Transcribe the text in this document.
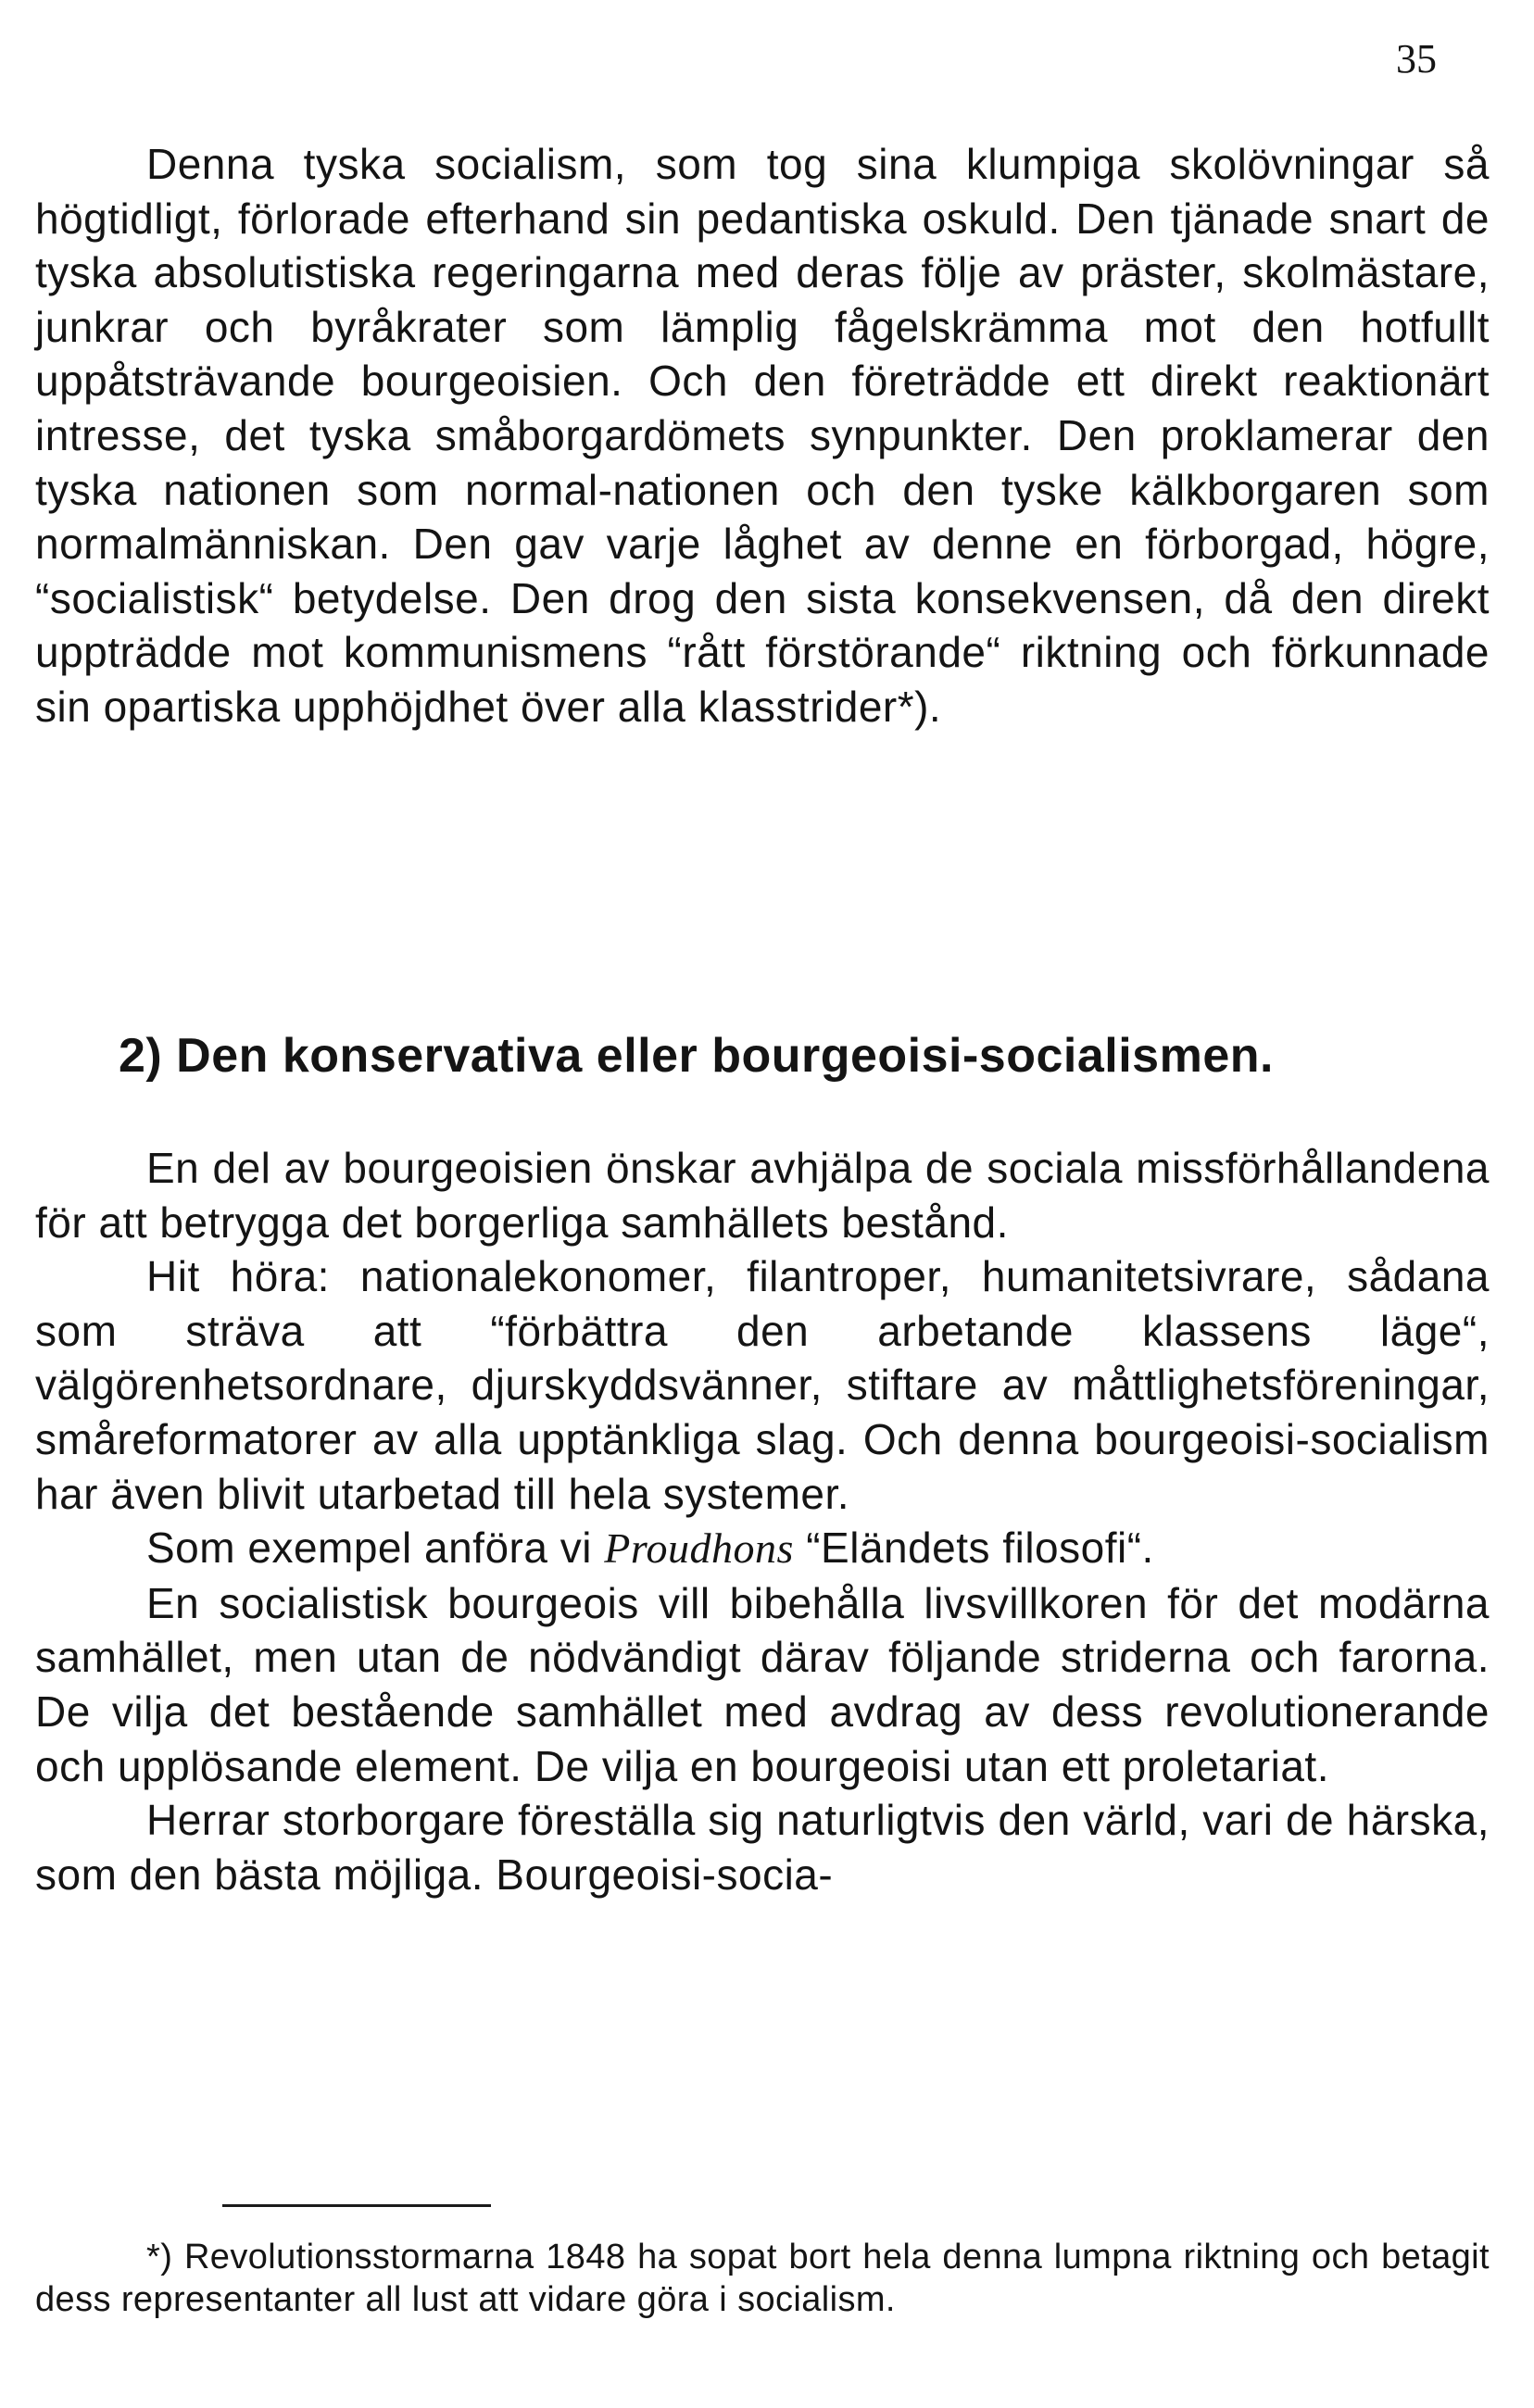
35

Denna tyska socialism, som tog sina klumpiga skolövningar så högtidligt, förlorade efterhand sin pedantiska oskuld. Den tjänade snart de tyska absolutistiska regeringarna med deras följe av präster, skolmästare, junkrar och byråkrater som lämplig fågelskrämma mot den hotfullt uppåtsträvande bourgeoisien. Och den företrädde ett direkt reaktionärt intresse, det tyska småborgardömets synpunkter. Den proklamerar den tyska nationen som normal-nationen och den tyske kälkborgaren som normalmänniskan. Den gav varje låghet av denne en förborgad, högre, “socialistisk“ betydelse. Den drog den sista konsekvensen, då den direkt uppträdde mot kommunismens “rått förstörande“ riktning och förkunnade sin opartiska upphöjdhet över alla klasstrider*).

2) Den konservativa eller bourgeoisi-socialismen.

En del av bourgeoisien önskar avhjälpa de sociala missförhållandena för att betrygga det borgerliga samhällets bestånd.

Hit höra: nationalekonomer, filantroper, humanitetsivrare, sådana som sträva att “förbättra den arbetande klassens läge“, välgörenhetsordnare, djurskyddsvänner, stiftare av måttlighetsföreningar, småreformatorer av alla upptänkliga slag. Och denna bourgeoisi-socialism har även blivit utarbetad till hela systemer.

Som exempel anföra vi Proudhons “Eländets filosofi“.

En socialistisk bourgeois vill bibehålla livsvillkoren för det modärna samhället, men utan de nödvändigt därav följande striderna och farorna. De vilja det bestående samhället med avdrag av dess revolutionerande och upplösande element. De vilja en bourgeoisi utan ett proletariat.

Herrar storborgare föreställa sig naturligtvis den värld, vari de härska, som den bästa möjliga. Bourgeoisi-socia-

*) Revolutionsstormarna 1848 ha sopat bort hela denna lumpna riktning och betagit dess representanter all lust att vidare göra i socialism.
